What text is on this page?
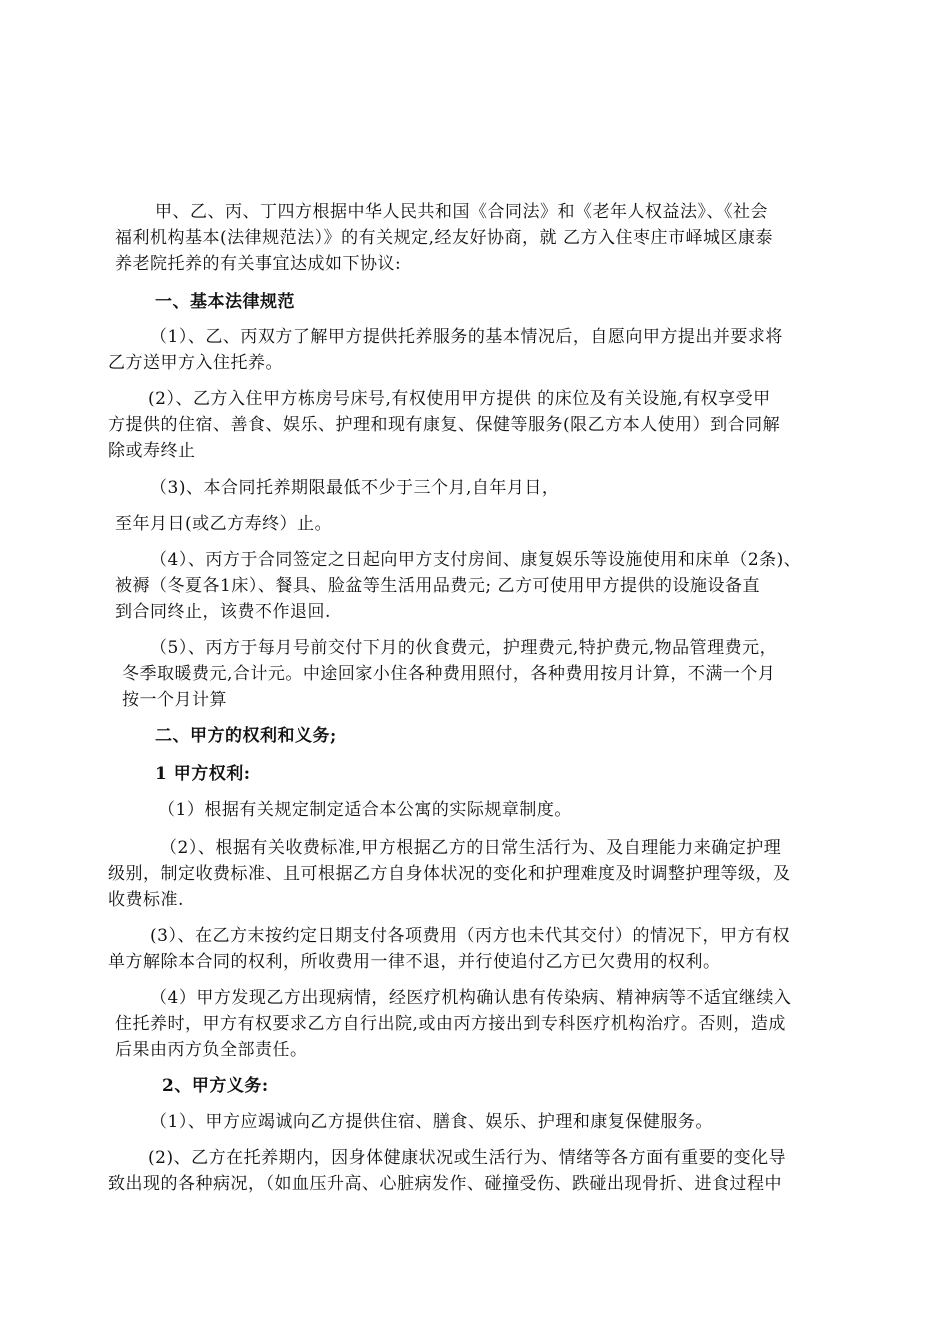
甲、乙、丙、丁四方根据中华人民共和国《合同法》和《老年人权益法》、《社会
福利机构基本(法律规范法）》的有关规定,经友好协商，就 乙方入住枣庄市峄城区康泰
养老院托养的有关事宜达成如下协议:
一、基本法律规范
（1）、乙、丙双方了解甲方提供托养服务的基本情况后，自愿向甲方提出并要求将
乙方送甲方入住托养。
(2）、乙方入住甲方栋房号床号,有权使用甲方提供 的床位及有关设施,有权享受甲
方提供的住宿、善食、娱乐、护理和现有康复、保健等服务(限乙方本人使用）到合同解
除或寿终止
（3)、本合同托养期限最低不少于三个月,自年月日，
至年月日(或乙方寿终）止。
（4）、丙方于合同签定之日起向甲方支付房间、康复娱乐等设施使用和床单（2条)、
被褥（冬夏各1床）、餐具、脸盆等生活用品费元; 乙方可使用甲方提供的设施设备直
到合同终止，该费不作退回.
（5）、丙方于每月号前交付下月的伙食费元，护理费元,特护费元,物品管理费元，
冬季取暖费元,合计元。中途回家小住各种费用照付，各种费用按月计算，不满一个月
按一个月计算
二、甲方的权利和义务;
1 甲方权利:
（1）根据有关规定制定适合本公寓的实际规章制度。
（2）、根据有关收费标准,甲方根据乙方的日常生活行为、及自理能力来确定护理
级别，制定收费标准、且可根据乙方自身体状况的变化和护理难度及时调整护理等级，及
收费标准.
(3）、在乙方末按约定日期支付各项费用（丙方也未代其交付）的情况下，甲方有权
单方解除本合同的权利，所收费用一律不退，并行使追付乙方已欠费用的权利。
（4）甲方发现乙方出现病情，经医疗机构确认患有传染病、精神病等不适宜继续入
住托养时，甲方有权要求乙方自行出院,或由丙方接出到专科医疗机构治疗。否则，造成
后果由丙方负全部责任。
2、甲方义务:
（1）、甲方应竭诚向乙方提供住宿、膳食、娱乐、护理和康复保健服务。
(2)、乙方在托养期内，因身体健康状况或生活行为、情绪等各方面有重要的变化导
致出现的各种病况，（如血压升高、心脏病发作、碰撞受伤、跌碰出现骨折、进食过程中
